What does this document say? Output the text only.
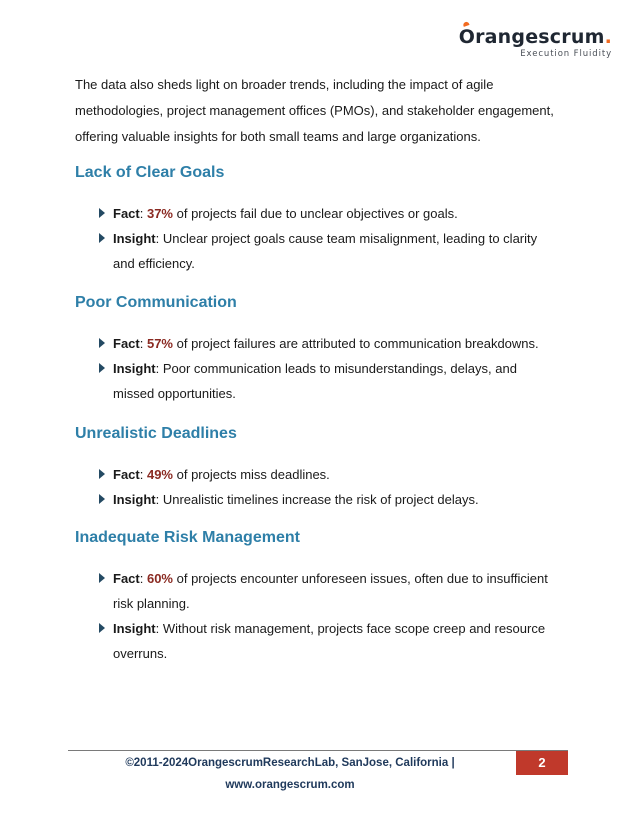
Orangescrum.
Execution Fluidity

The data also sheds light on broader trends, including the impact of agile methodologies, project management offices (PMOs), and stakeholder engagement, offering valuable insights for both small teams and large organizations.

Lack of Clear Goals
Fact: 37% of projects fail due to unclear objectives or goals.
Insight: Unclear project goals cause team misalignment, leading to clarity and efficiency.
Poor Communication
Fact: 57% of project failures are attributed to communication breakdowns.
Insight: Poor communication leads to misunderstandings, delays, and missed opportunities.
Unrealistic Deadlines
Fact: 49% of projects miss deadlines.
Insight: Unrealistic timelines increase the risk of project delays.
Inadequate Risk Management
Fact: 60% of projects encounter unforeseen issues, often due to insufficient risk planning.
Insight: Without risk management, projects face scope creep and resource overruns.
©2011-2024OrangescrumResearchLab, SanJose, California | www.orangescrum.com
2
